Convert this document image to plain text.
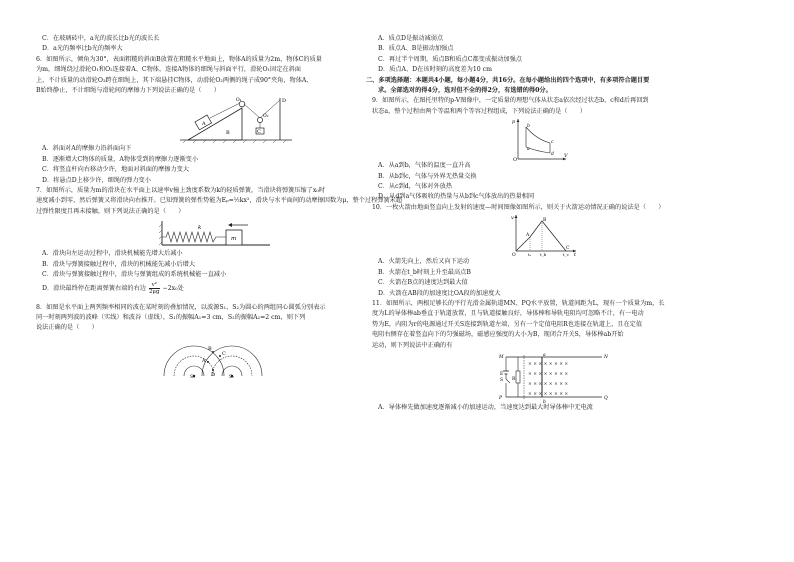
C．在玻璃砖中，a光的波长比b光的波长长
D．a光的频率比b光的频率大
6．如图所示，倾角为30°，表面粗糙的斜面B放置在粗糙水平地面上，物体A的质量为2m，物体C的质量
为m，细绳绕过滑轮O₁和O₂连接着A、C物体，连接A物体的细绳与斜面平行，滑轮O₁固定在斜面
上，不计质量的动滑轮O₂跨在细绳上，其下端悬挂C物体，动滑轮O₂两侧的绳子成90°夹角，物体A、
B始终静止，不计细绳与滑轮间的摩擦力下列说法正确的是（　　）
A
B	C
D
O₁
O₂
A．斜面对A的摩擦力沿斜面向下
B．逐渐增大C物体的质量，A物体受到的摩擦力逐渐变小
C．将竖直杆向右移动少许，地面对斜面的摩擦力变大
D．将悬点D上移少许，细绳的弹力变小
7．如图所示，质量为m的滑块在水平面上以速率v撞上劲度系数为k的轻质弹簧，当滑块将弹簧压缩了x₀时
速度减小到零，然后弹簧又将滑块向右推开。已知弹簧的弹性势能为Eₚ=½kx²，滑块与水平面间的动摩擦因数为μ，整个过程弹簧未超
过弹性限度且再未接触，则下列说法正确的是（　　）
k
m
A．滑块向左运动过程中，滑块机械能先增大后减小
B．滑块与弹簧接触过程中，滑块的机械能先减小后增大
C．滑块与弹簧接触过程中，滑块与弹簧组成的系统机械能一直减小
D．滑块最终停在距离弹簧右端的右边 $\frac{\text{v²}}{2\mu g} -2x_0$处
8．如图是水平面上两列频率相同的波在某时刻的叠加情况，以波源S₁、S₂为圆心的两组同心圆弧分别表示
同一时刻两列波的波峰（实线）和波谷（虚线），S₁的振幅A₁=3 cm，S₂的振幅A₂=2 cm，则下列
说法正确的是（　　）
B
C
A
D
S₁	S₂
A．质点D是振动减弱点
B．质点A、B是振动加强点
C．再过半个周期，质点B和质点C都变成振动加强点
D．质点A、D在该时刻的高度差为10 cm
二、多项选择题：本题共4小题，每小题4分，共16分。在每小题给出的四个选项中，有多项符合题目要
求。全部选对的得4分，选对但不全的得2分，有选错的得0分。
9．如图所示，在图托里特的p-V图像中，一定质量的理想气体从状态a依次经过状态b、c和d后再回到
状态a，整个过程由两个等温和两个等容过程组成，下列说法正确的是（　　）
p
V
O
a
b
c
d
A．从a到b，气体的温度一直升高
B．从b到c，气体与外界无热量交换
C．从c到d，气体对外放热
D．从d到a气体吸收的热量与从b到c气体放出的热量相同
10．一枚火箭由地面竖直向上发射的速度—时间图像如图所示，则关于火箭运动情况正确的说法是（　　）
v
t
O
A
B
C
tₐ t_b	t_c
A．火箭先向上，然后又向下运动
B．火箭在t_b时刻上升至最高点B
C．火箭在B点的速度达到最大值
D．火箭在AB段的加速度比OA段的加速度大
11．如图所示，两根足够长的平行光滑金属轨道MN、PQ水平放置，轨道间距为L，现有一个质量为m，长
度为L的导体棒ab垂直于轨道放置，且与轨道接触良好，导体棒和导轨电阻均可忽略不计，有一电动
势为E，内阻为r的电源通过开关S连接到轨道左端，另有一个定值电阻R也连接在轨道上，且在定值
电阻右侧存在着竖直向下的匀强磁场，磁感应强度的大小为B，现闭合开关S，导体棒ab开始
运动，则下列说法中正确的有
× × × × × × × ×
× × × × × × × ×
× × × × × × × ×
× × × × × × × ×
M	N
P	Q
S R
E
a
b
A．导体棒先做加速度逐渐减小的加速运动，当速度达到最大时导体棒中无电流
